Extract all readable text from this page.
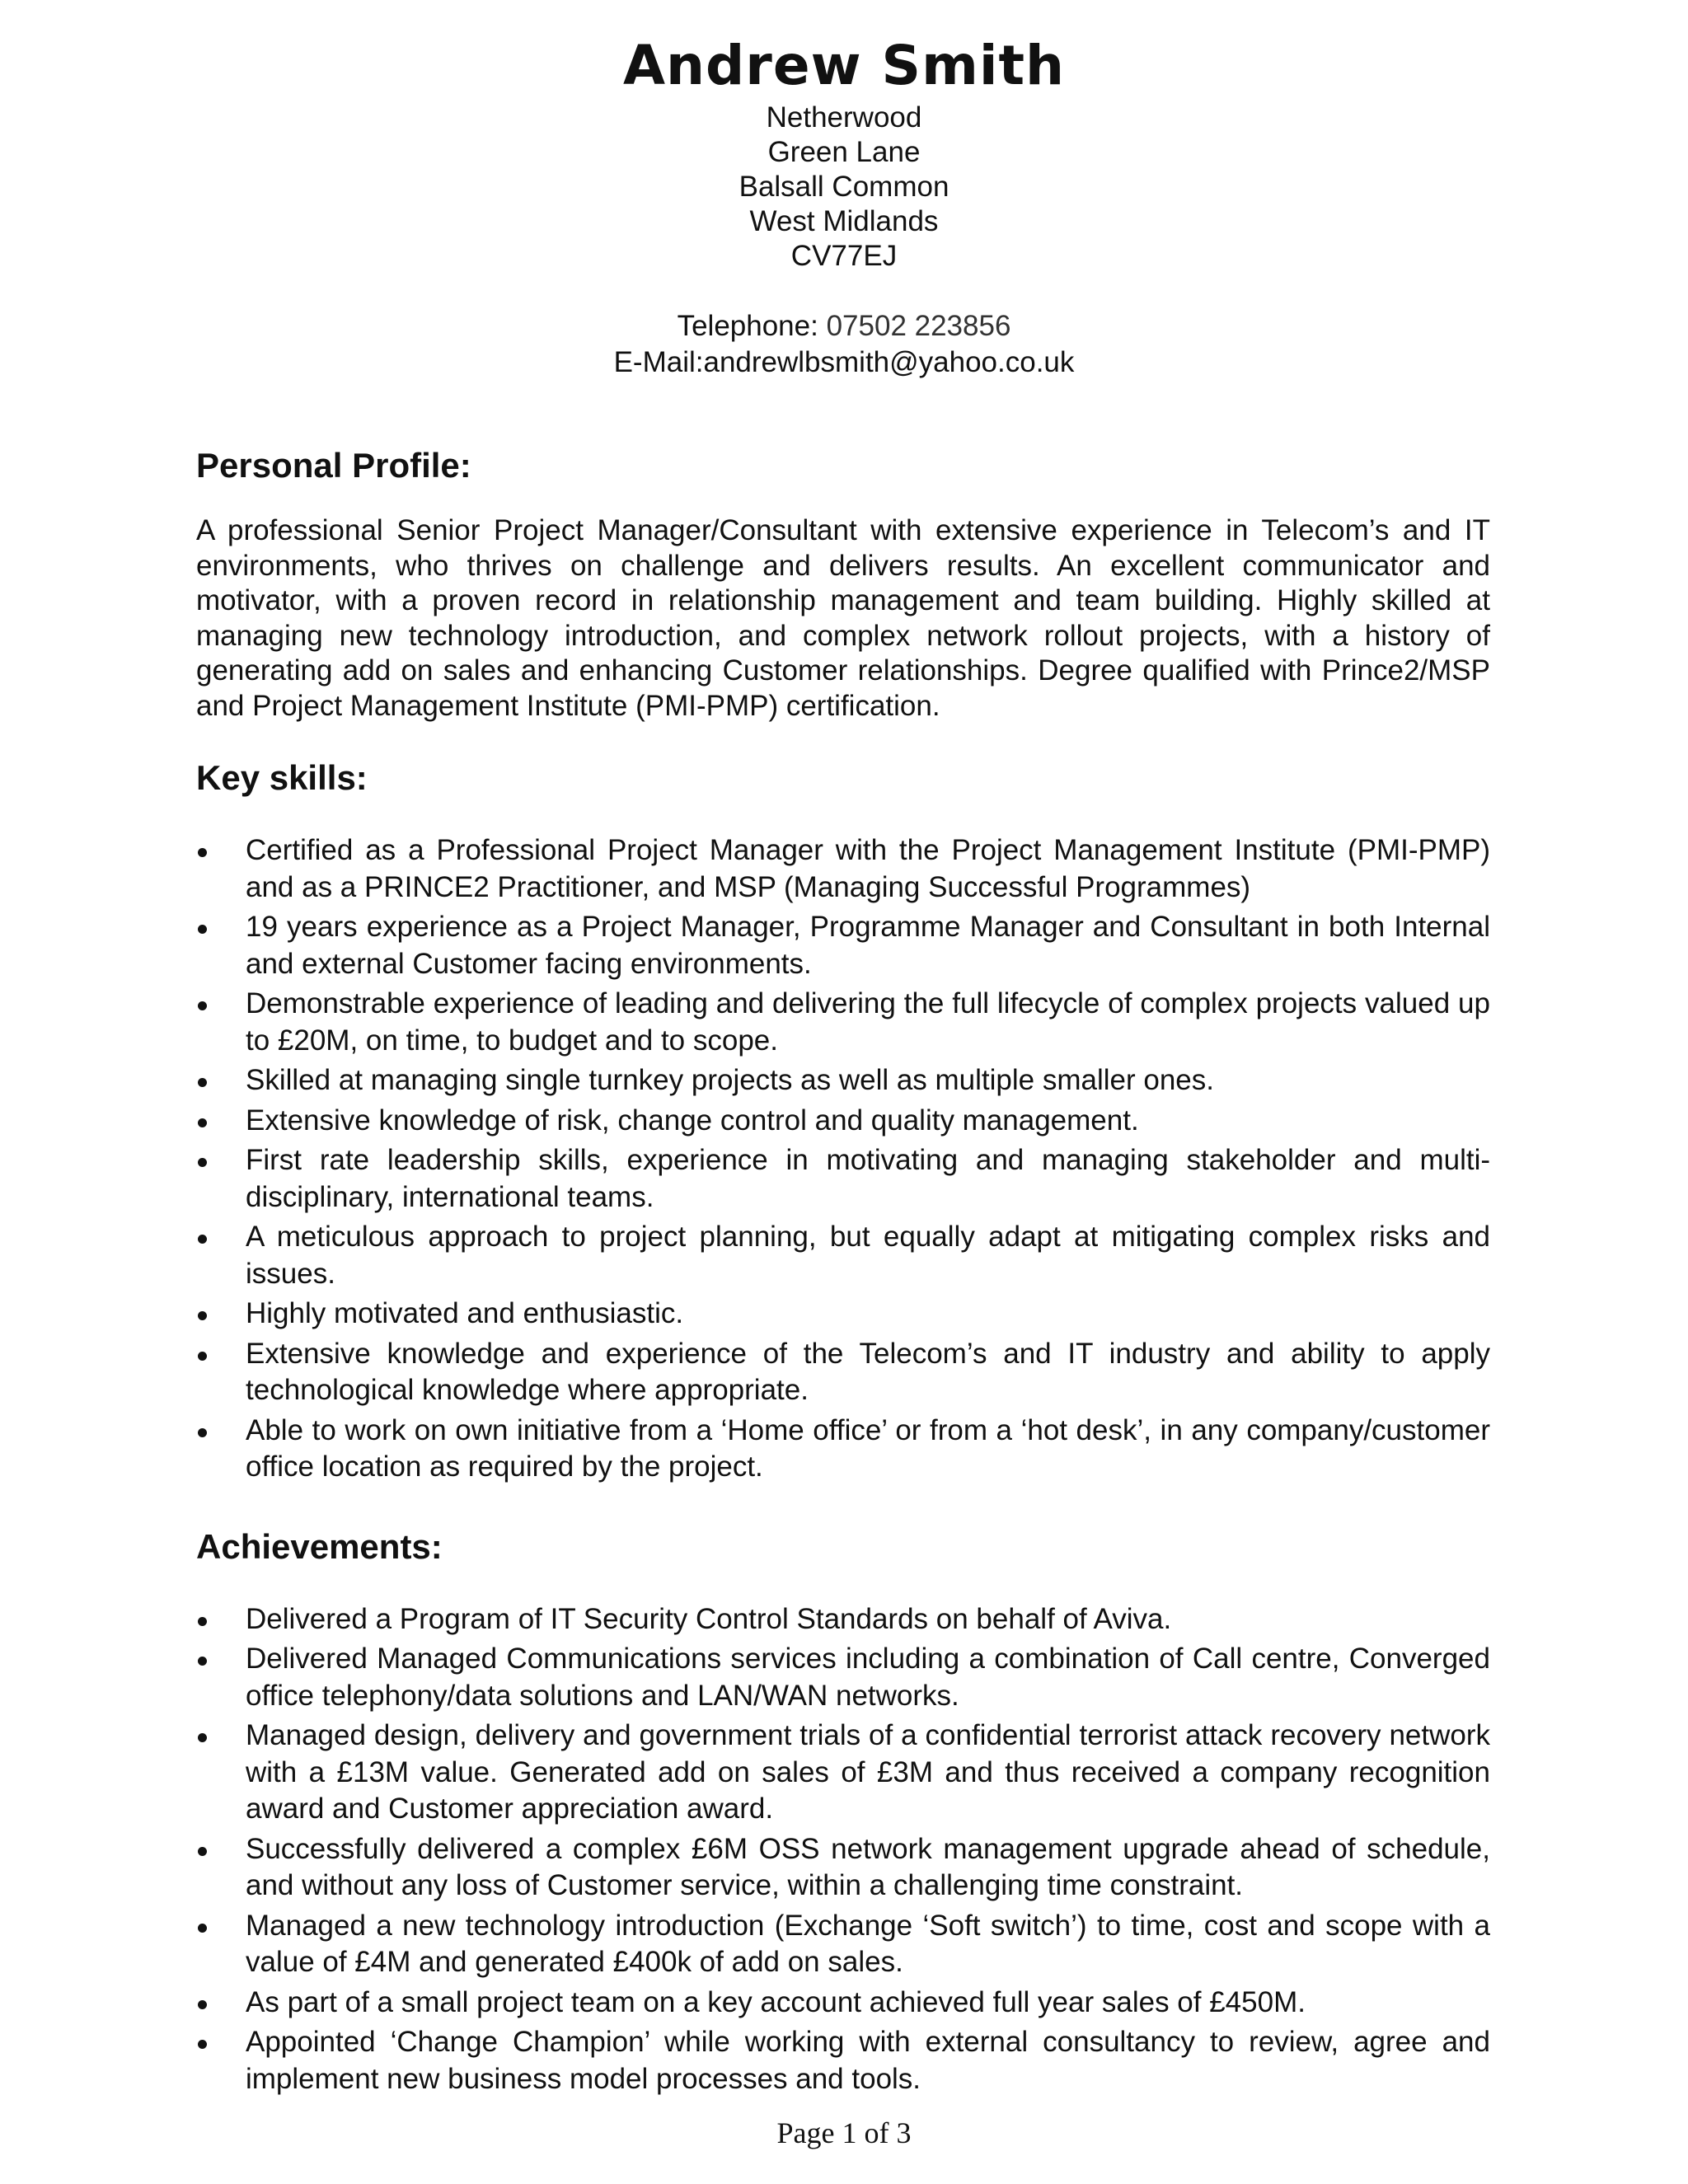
Andrew Smith
Netherwood
Green Lane
Balsall Common
West Midlands
CV77EJ
Telephone: 07502 223856
E-Mail:andrewlbsmith@yahoo.co.uk
Personal Profile:

A professional Senior Project Manager/Consultant with extensive experience in Telecom’s and IT environments, who thrives on challenge and delivers results. An excellent communicator and motivator, with a proven record in relationship management and team building. Highly skilled at managing new technology introduction, and complex network rollout projects, with a history of generating add on sales and enhancing Customer relationships. Degree qualified with Prince2/MSP and Project Management Institute (PMI-PMP) certification.

Key skills:
Certified as a Professional Project Manager with the Project Management Institute (PMI-PMP) and as a PRINCE2 Practitioner, and MSP (Managing Successful Programmes)
19 years experience as a Project Manager, Programme Manager and Consultant in both Internal and external Customer facing environments.
Demonstrable experience of leading and delivering the full lifecycle of complex projects valued up to £20M, on time, to budget and to scope.
Skilled at managing single turnkey projects as well as multiple smaller ones.
Extensive knowledge of risk, change control and quality management.
First rate leadership skills, experience in motivating and managing stakeholder and multi-disciplinary, international teams.
A meticulous approach to project planning, but equally adapt at mitigating complex risks and issues.
Highly motivated and enthusiastic.
Extensive knowledge and experience of the Telecom’s and IT industry and ability to apply technological knowledge where appropriate.
Able to work on own initiative from a ‘Home office’ or from a ‘hot desk’, in any company/customer office location as required by the project.
Achievements:
Delivered a Program of IT Security Control Standards on behalf of Aviva.
Delivered Managed Communications services including a combination of Call centre, Converged office telephony/data solutions and LAN/WAN networks.
Managed design, delivery and government trials of a confidential terrorist attack recovery network with a £13M value. Generated add on sales of £3M and thus received a company recognition award and Customer appreciation award.
Successfully delivered a complex £6M OSS network management upgrade ahead of schedule, and without any loss of Customer service, within a challenging time constraint.
Managed a new technology introduction (Exchange ‘Soft switch’) to time, cost and scope with a value of £4M and generated £400k of add on sales.
As part of a small project team on a key account achieved full year sales of £450M.
Appointed ‘Change Champion’ while working with external consultancy to review, agree and implement new business model processes and tools.
Page 1 of 3
